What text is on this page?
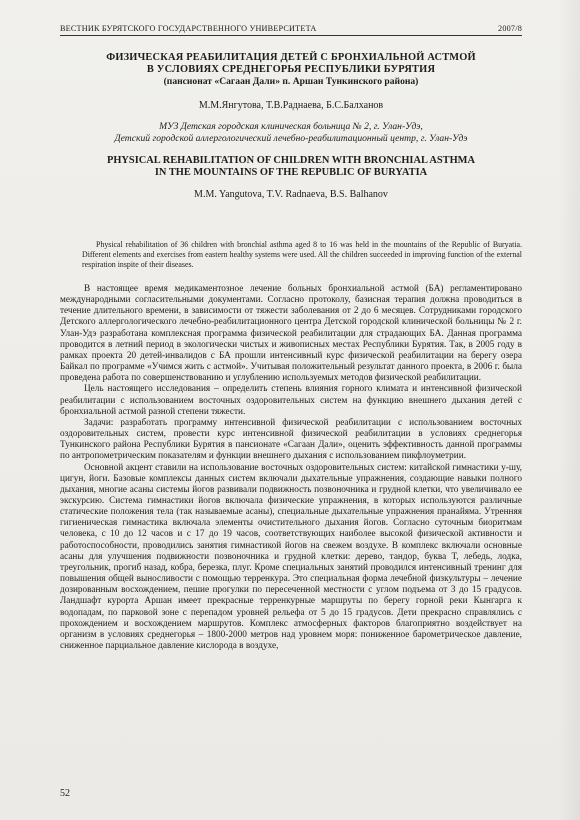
ВЕСТНИК БУРЯТСКОГО ГОСУДАРСТВЕННОГО УНИВЕРСИТЕТА	2007/8
ФИЗИЧЕСКАЯ РЕАБИЛИТАЦИЯ ДЕТЕЙ С БРОНХИАЛЬНОЙ АСТМОЙ
В УСЛОВИЯХ СРЕДНЕГОРЬЯ РЕСПУБЛИКИ БУРЯТИЯ
(пансионат «Сагаан Дали» п. Аршан Тункинского района)
М.М.Янгутова, Т.В.Раднаева, Б.С.Балханов
МУЗ Детская городская клиническая больница № 2, г. Улан-Удэ,
Детский городской аллергологический лечебно-реабилитационный центр, г. Улан-Удэ
PHYSICAL REHABILITATION OF CHILDREN WITH BRONCHIAL ASTHMA
IN THE MOUNTAINS OF THE REPUBLIC OF BURYATIA
M.M. Yangutova, T.V. Radnaeva, B.S. Balhanov
Physical rehabilitation of 36 children with bronchial asthma aged 8 to 16 was held in the mountains of the Republic of Buryatia. Different elements and exercises from eastern healthy systems were used. All the children succeeded in improving function of the external respiration inspite of their diseases.

В настоящее время медикаментозное лечение больных бронхиальной астмой (БА) регламентировано международными согласительными документами. Согласно протоколу, базисная терапия должна проводиться в течение длительного времени, в зависимости от тяжести заболевания от 2 до 6 месяцев. Сотрудниками городского Детского аллергологического лечебно-реабилитационного центра Детской городской клинической больницы № 2 г. Улан-Удэ разработана комплексная программа физической реабилитации для страдающих БА. Данная программа проводится в летний период в экологически чистых и живописных местах Республики Бурятия. Так, в 2005 году в рамках проекта 20 детей-инвалидов с БА прошли интенсивный курс физической реабилитации на берегу озера Байкал по программе «Учимся жить с астмой». Учитывая положительный результат данного проекта, в 2006 г. была проведена работа по совершенствованию и углублению используемых методов физической реабилитации.

Цель настоящего исследования – определить степень влияния горного климата и интенсивной физической реабилитации с использованием восточных оздоровительных систем на функцию внешнего дыхания детей с бронхиальной астмой разной степени тяжести.

Задачи: разработать программу интенсивной физической реабилитации с использованием восточных оздоровительных систем, провести курс интенсивной физической реабилитации в условиях среднегорья Тункинского района Республики Бурятия в пансионате «Сагаан Дали», оценить эффективность данной программы по антропометрическим показателям и функции внешнего дыхания с использованием пикфлоуметрии.

Основной акцент ставили на использование восточных оздоровительных систем: китайской гимнастики у-шу, цигун, йоги. Базовые комплексы данных систем включали дыхательные упражнения, создающие навыки полного дыхания, многие асаны системы йогов развивали подвижность позвоночника и грудной клетки, что увеличивало ее экскурсию. Система гимнастики йогов включала физические упражнения, в которых используются различные статические положения тела (так называемые асаны), специальные дыхательные упражнения пранайяма. Утренняя гигиеническая гимнастика включала элементы очистительного дыхания йогов. Согласно суточным биоритмам человека, с 10 до 12 часов и с 17 до 19 часов, соответствующих наиболее высокой физической активности и работоспособности, проводились занятия гимнастикой йогов на свежем воздухе. В комплекс включали основные асаны для улучшения подвижности позвоночника и грудной клетки: дерево, тандор, буква Т, лебедь, лодка, треугольник, прогиб назад, кобра, березка, плуг. Кроме специальных занятий проводился интенсивный тренинг для повышения общей выносливости с помощью терренкура. Это специальная форма лечебной физкультуры – лечение дозированным восхождением, пешие прогулки по пересеченной местности с углом подъема от 3 до 15 градусов. Ландшафт курорта Аршан имеет прекрасные терренкурные маршруты по берегу горной реки Кынгарга к водопадам, по парковой зоне с перепадом уровней рельефа от 5 до 15 градусов. Дети прекрасно справлялись с прохождением и восхождением маршрутов. Комплекс атмосферных факторов благоприятно воздействует на организм в условиях среднегорья – 1800-2000 метров над уровнем моря: пониженное барометрическое давление, сниженное парциальное давление кислорода в воздухе,

52
